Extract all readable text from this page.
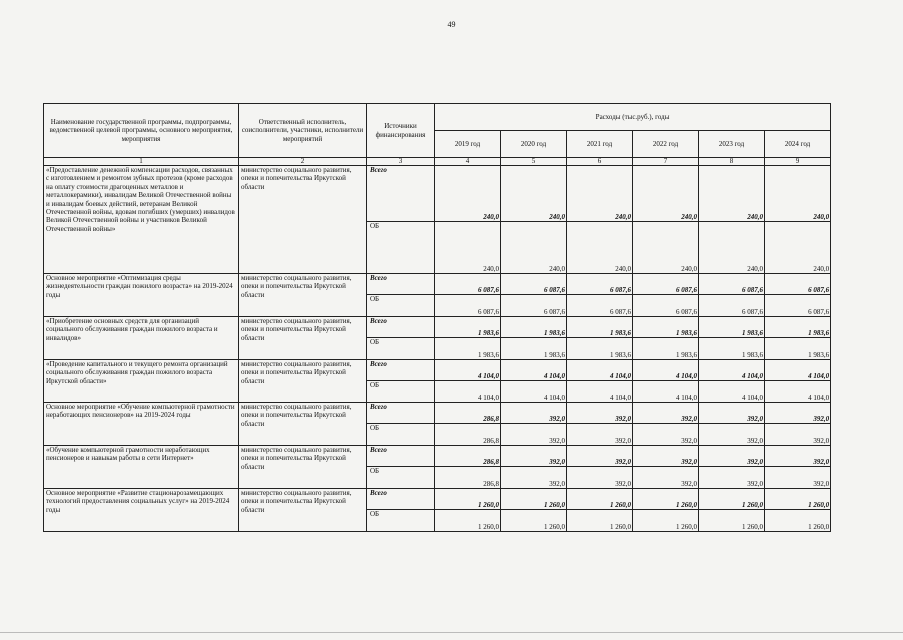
49
Наименование государственной программы, подпрограммы, ведомственной целевой программы, основного мероприятия, мероприятия	Ответственный исполнитель, соисполнители, участники, исполнители мероприятий	Источники финансирования	Расходы (тыс.руб.), годы					
			2019 год	2020 год	2021 год	2022 год	2023 год	2024 год
1	2	3	4	5	6	7	8	9
«Предоставление денежной компенсации расходов, связанных с изготовлением и ремонтом зубных протезов (кроме расходов на оплату стоимости драгоценных металлов и металлокерамики), инвалидам Великой Отечественной войны и инвалидам боевых действий, ветеранам Великой Отечественной войны, вдовам погибших (умерших) инвалидов Великой Отечественной войны и участников Великой Отечественной войны»	министерство социального развития, опеки и попечительства Иркутской области	Всего	240,0	240,0	240,0	240,0	240,0	240,0
		ОБ	240,0	240,0	240,0	240,0	240,0	240,0
Основное мероприятие «Оптимизация среды жизнедеятельности граждан пожилого возраста» на 2019-2024 годы	министерство социального развития, опеки и попечительства Иркутской области	Всего	6 087,6	6 087,6	6 087,6	6 087,6	6 087,6	6 087,6
		ОБ	6 087,6	6 087,6	6 087,6	6 087,6	6 087,6	6 087,6
«Приобретение основных средств для организаций социального обслуживания граждан пожилого возраста и инвалидов»	министерство социального развития, опеки и попечительства Иркутской области	Всего	1 983,6	1 983,6	1 983,6	1 983,6	1 983,6	1 983,6
		ОБ	1 983,6	1 983,6	1 983,6	1 983,6	1 983,6	1 983,6
«Проведение капитального и текущего ремонта организаций социального обслуживания граждан пожилого возраста Иркутской области»	министерство социального развития, опеки и попечительства Иркутской области	Всего	4 104,0	4 104,0	4 104,0	4 104,0	4 104,0	4 104,0
		ОБ	4 104,0	4 104,0	4 104,0	4 104,0	4 104,0	4 104,0
Основное мероприятие «Обучение компьютерной грамотности неработающих пенсионеров» на 2019-2024 годы	министерство социального развития, опеки и попечительства Иркутской области	Всего	286,8	392,0	392,0	392,0	392,0	392,0
		ОБ	286,8	392,0	392,0	392,0	392,0	392,0
«Обучение компьютерной грамотности неработающих пенсионеров и навыкам работы в сети Интернет»	министерство социального развития, опеки и попечительства Иркутской области	Всего	286,8	392,0	392,0	392,0	392,0	392,0
		ОБ	286,8	392,0	392,0	392,0	392,0	392,0
Основное мероприятие «Развитие стационарозамещающих технологий предоставления социальных услуг» на 2019-2024 годы	министерство социального развития, опеки и попечительства Иркутской области	Всего	1 260,0	1 260,0	1 260,0	1 260,0	1 260,0	1 260,0
		ОБ	1 260,0	1 260,0	1 260,0	1 260,0	1 260,0	1 260,0
